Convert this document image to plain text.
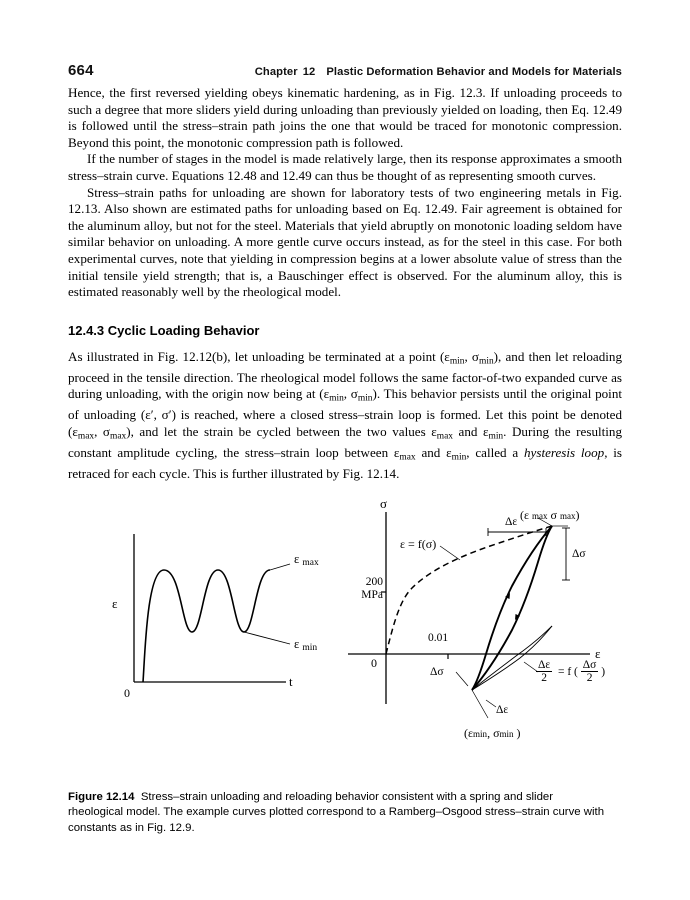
664	Chapter 12 Plastic Deformation Behavior and Models for Materials

Hence, the first reversed yielding obeys kinematic hardening, as in Fig. 12.3. If unloading proceeds to such a degree that more sliders yield during unloading than previously yielded on loading, then Eq. 12.49 is followed until the stress–strain path joins the one that would be traced for monotonic compression. Beyond this point, the monotonic compression path is followed.

If the number of stages in the model is made relatively large, then its response approximates a smooth stress–strain curve. Equations 12.48 and 12.49 can thus be thought of as representing smooth curves.

Stress–strain paths for unloading are shown for laboratory tests of two engineering metals in Fig. 12.13. Also shown are estimated paths for unloading based on Eq. 12.49. Fair agreement is obtained for the aluminum alloy, but not for the steel. Materials that yield abruptly on monotonic loading seldom have similar behavior on unloading. A more gentle curve occurs instead, as for the steel in this case. For both experimental curves, note that yielding in compression begins at a lower absolute value of stress than the initial tensile yield strength; that is, a Bauschinger effect is observed. For the aluminum alloy, this is estimated reasonably well by the rheological model.

12.4.3 Cyclic Loading Behavior

As illustrated in Fig. 12.12(b), let unloading be terminated at a point ($\varepsilon_{min}$, $\sigma_{min}$), and then let reloading proceed in the tensile direction. The rheological model follows the same factor-of-two expanded curve as during unloading, with the origin now being at ($\varepsilon_{min}$, $\sigma_{min}$). This behavior persists until the original point of unloading (ε′, σ′) is reached, where a closed stress–strain loop is formed. Let this point be denoted ($\varepsilon_{max}$, $\sigma_{max}$), and let the strain be cycled between the two values $\varepsilon_{max}$ and $\varepsilon_{min}$. During the resulting constant amplitude cycling, the stress–strain loop between $\varepsilon_{max}$ and $\varepsilon_{min}$, called a hysteresis loop, is retraced for each cycle. This is further illustrated by Fig. 12.14.

ε
t
0
ε max
ε min
σ
ε
0
200
MPa
0.01
ε = f(σ)
Δε
Δσ
Δσ
Δε
(ε max σ max)
(εmin, σmin )
$\frac{\Delta\varepsilon}{2} = f$ ( $\frac{\Delta\sigma}{2}$ )
Figure 12.14 Stress–strain unloading and reloading behavior consistent with a spring and slider rheological model. The example curves plotted correspond to a Ramberg–Osgood stress–strain curve with constants as in Fig. 12.9.
